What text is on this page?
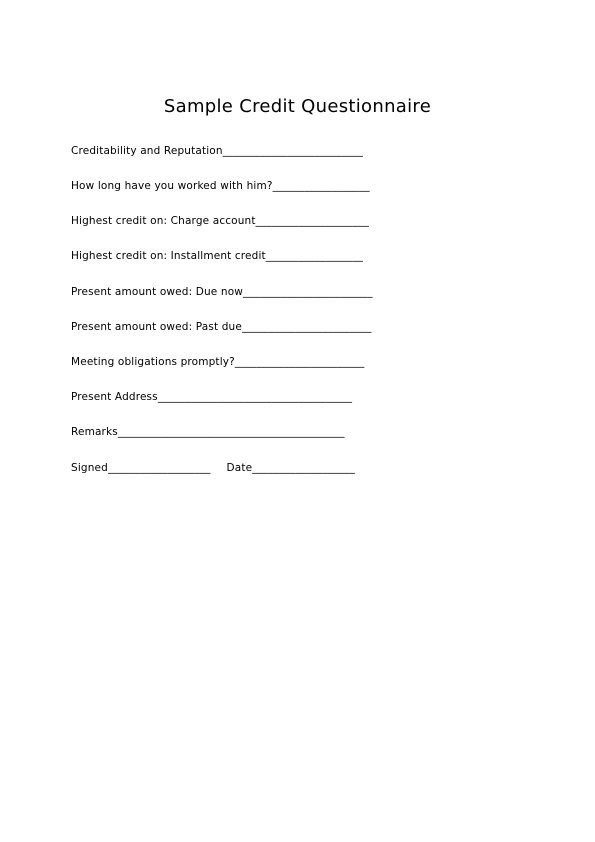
Sample Credit Questionnaire
Creditability and Reputation__________________________
How long have you worked with him?__________________
Highest credit on: Charge account_____________________
Highest credit on: Installment credit__________________
Present amount owed: Due now________________________
Present amount owed: Past due________________________
Meeting obligations promptly?________________________
Present Address____________________________________
Remarks__________________________________________
Signed___________________ Date___________________
